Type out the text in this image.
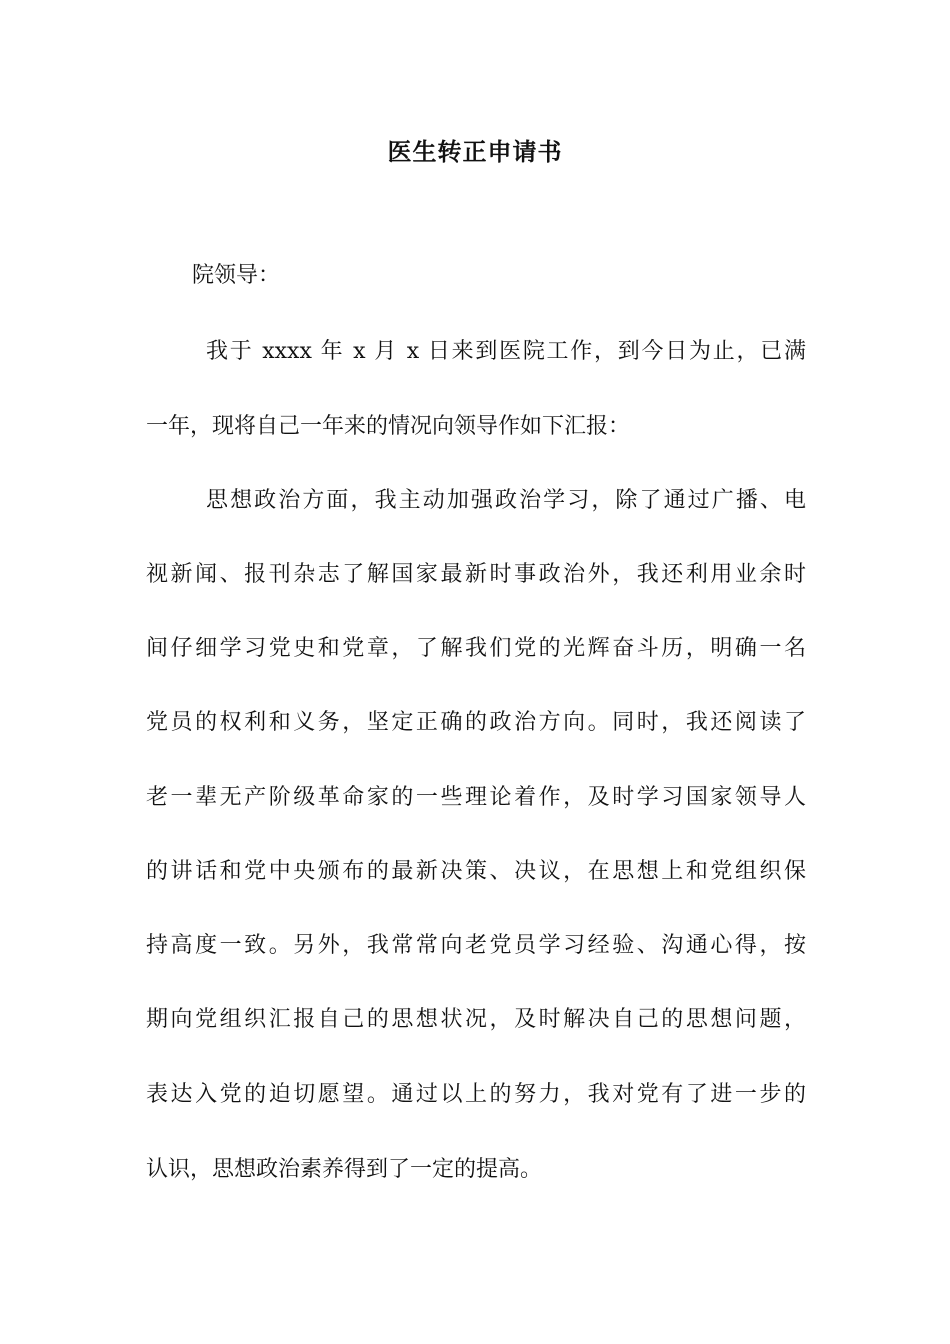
医生转正申请书
院领导：
我于 xxxx 年 x 月 x 日来到医院工作，到今日为止，已满
一年，现将自己一年来的情况向领导作如下汇报：
思想政治方面，我主动加强政治学习，除了通过广播、电
视新闻、报刊杂志了解国家最新时事政治外，我还利用业余时
间仔细学习党史和党章，了解我们党的光辉奋斗历，明确一名
党员的权利和义务，坚定正确的政治方向。同时，我还阅读了
老一辈无产阶级革命家的一些理论着作，及时学习国家领导人
的讲话和党中央颁布的最新决策、决议，在思想上和党组织保
持高度一致。另外，我常常向老党员学习经验、沟通心得，按
期向党组织汇报自己的思想状况，及时解决自己的思想问题，
表达入党的迫切愿望。通过以上的努力，我对党有了进一步的
认识，思想政治素养得到了一定的提高。
